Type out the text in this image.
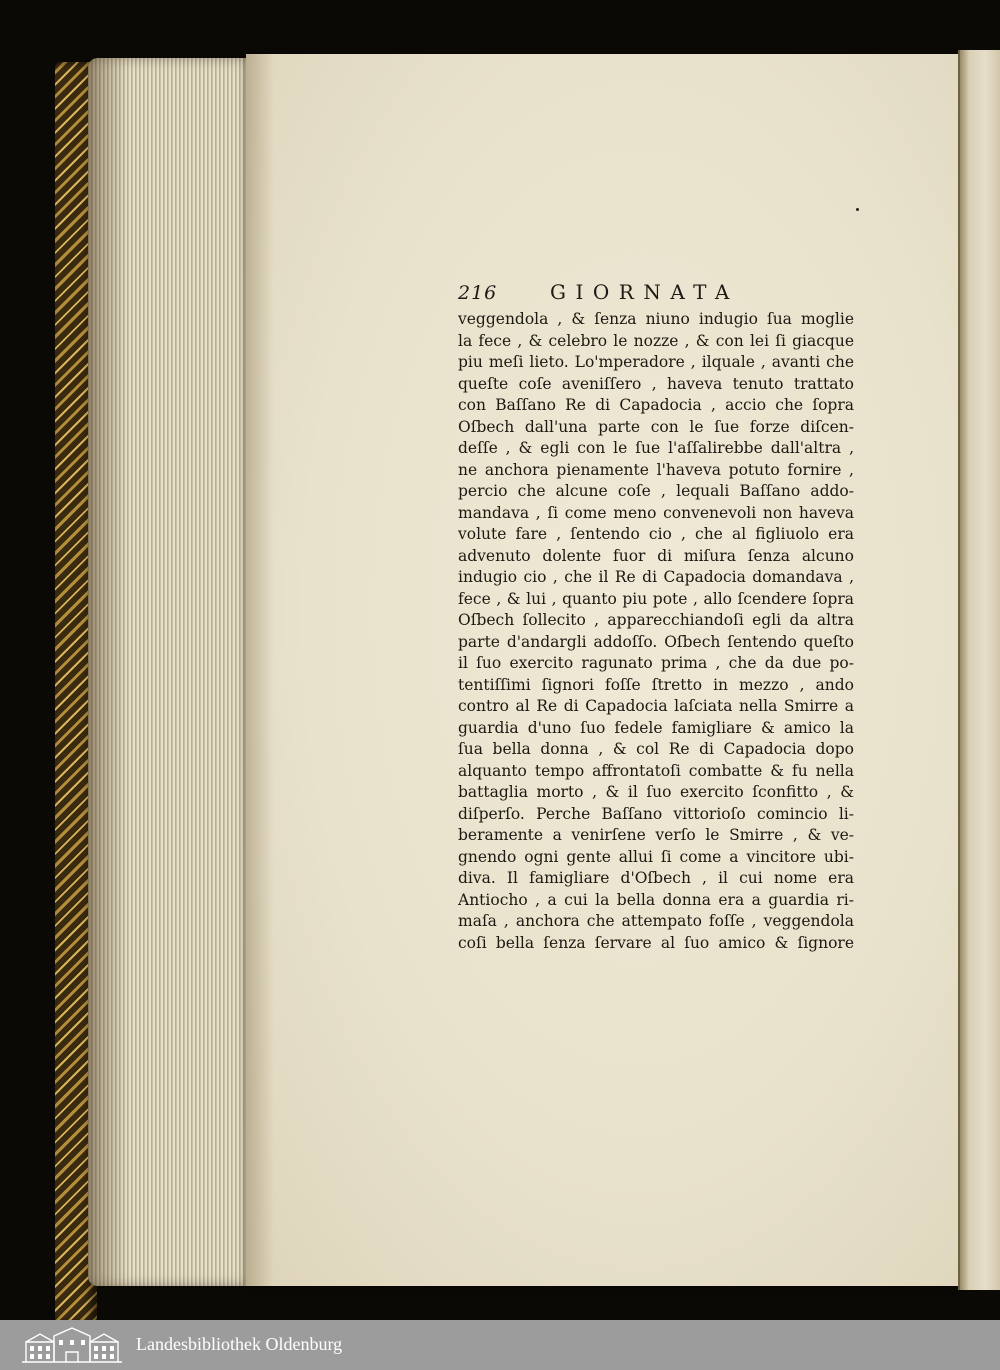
216	GIORNATA
veggendola , & ſenza niuno indugio ſua moglie
la fece , & celebro le nozze , & con lei ſi giacque
piu meſi lieto. Lo'mperadore , ilquale , avanti che
queſte coſe aveniſſero , haveva tenuto trattato
con Baſſano Re di Capadocia , accio che ſopra
Oſbech dall'una parte con le ſue forze diſcen-
deſſe , & egli con le ſue l'aſſalirebbe dall'altra ,
ne anchora pienamente l'haveva potuto fornire ,
percio che alcune coſe , lequali Baſſano addo-
mandava , ſi come meno convenevoli non haveva
volute fare , ſentendo cio , che al figliuolo era
advenuto dolente fuor di miſura ſenza alcuno
indugio cio , che il Re di Capadocia domandava ,
fece , & lui , quanto piu pote , allo ſcendere ſopra
Oſbech ſollecito , apparecchiandoſi egli da altra
parte d'andargli addoſſo. Oſbech ſentendo queſto
il ſuo exercito ragunato prima , che da due po-
tentiſſimi ſignori foſſe ſtretto in mezzo , ando
contro al Re di Capadocia laſciata nella Smirre a
guardia d'uno ſuo fedele famigliare & amico la
ſua bella donna , & col Re di Capadocia dopo
alquanto tempo affrontatoſi combatte & fu nella
battaglia morto , & il ſuo exercito ſconfitto , &
diſperſo. Perche Baſſano vittorioſo comincio li-
beramente a venirſene verſo le Smirre , & ve-
gnendo ogni gente allui ſi come a vincitore ubi-
diva. Il famigliare d'Oſbech , il cui nome era
Antiocho , a cui la bella donna era a guardia ri-
maſa , anchora che attempato foſſe , veggendola
coſi bella ſenza ſervare al ſuo amico & ſignore
Landesbibliothek Oldenburg
